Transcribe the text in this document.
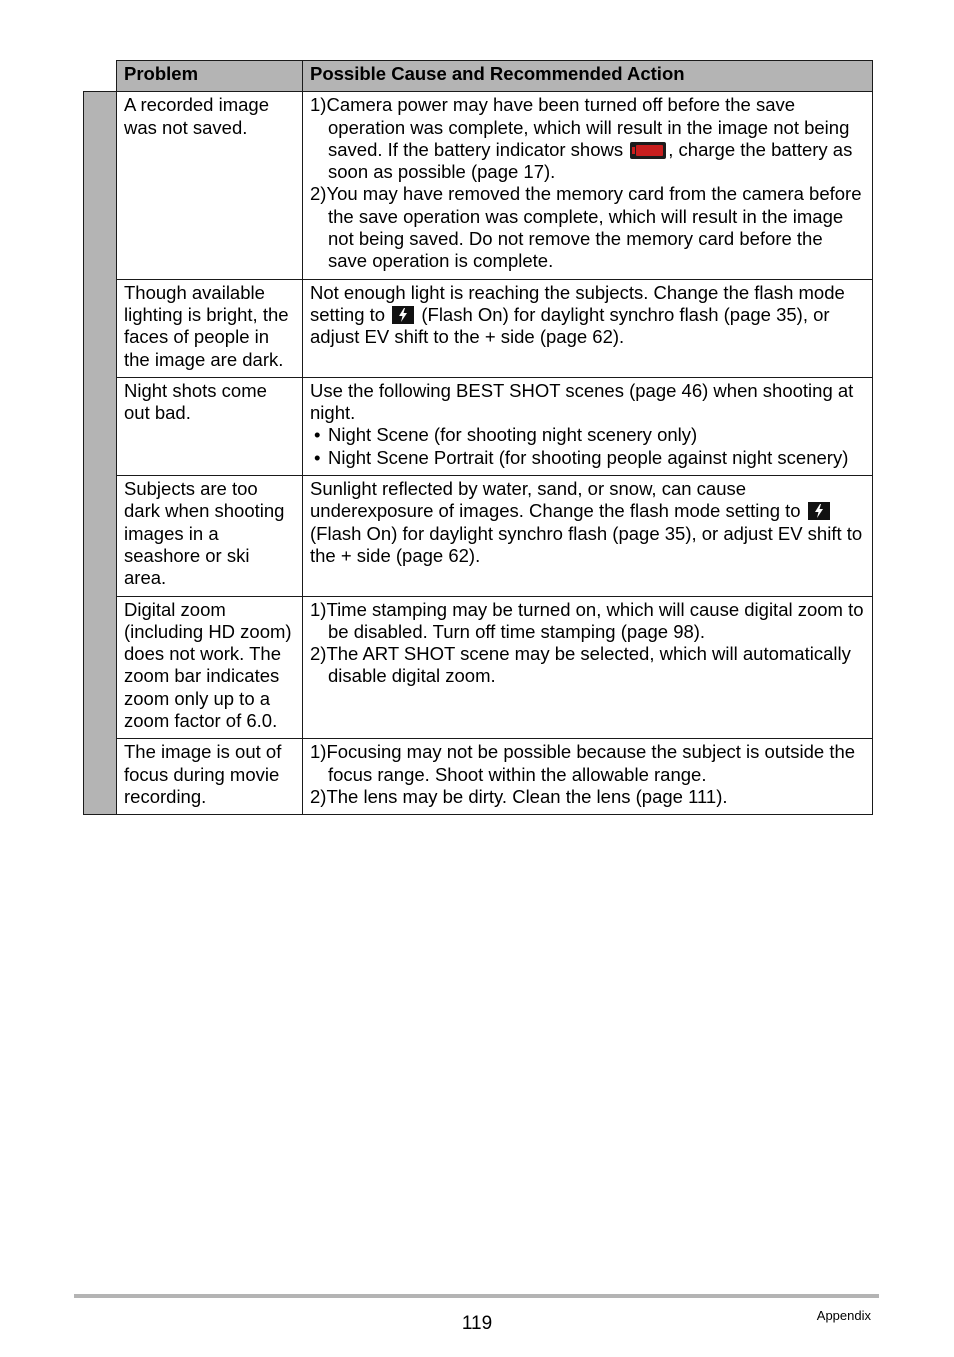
	Problem	Possible Cause and Recommended Action
	A recorded image was not saved.	1)Camera power may have been turned off before the save operation was complete, which will result in the image not being saved. If the battery indicator shows
, charge the battery as soon as possible (page 17).
2)You may have removed the memory card from the camera before the save operation was complete, which will result in the image not being saved. Do not remove the memory card before the save operation is complete.

	Though available lighting is bright, the faces of people in the image are dark.	Not enough light is reaching the subjects. Change the flash mode setting to
(Flash On) for daylight synchro flash (page 35), or adjust EV shift to the + side (page 62).
	Night shots come out bad.	Use the following BEST SHOT scenes (page 46) when shooting at night.
• Night Scene (for shooting night scenery only)
• Night Scene Portrait (for shooting people against night scenery)

	Subjects are too dark when shooting images in a seashore or ski area.	Sunlight reflected by water, sand, or snow, can cause underexposure of images. Change the flash mode setting to
(Flash On) for daylight synchro flash (page 35), or adjust EV shift to the + side (page 62).
	Digital zoom (including HD zoom) does not work. The zoom bar indicates zoom only up to a zoom factor of 6.0.	1)Time stamping may be turned on, which will cause digital zoom to be disabled. Turn off time stamping (page 98).
2)The ART SHOT scene may be selected, which will automatically disable digital zoom.

	The image is out of focus during movie recording.	1)Focusing may not be possible because the subject is outside the focus range. Shoot within the allowable range.
2)The lens may be dirty. Clean the lens (page 111).
119	Appendix
